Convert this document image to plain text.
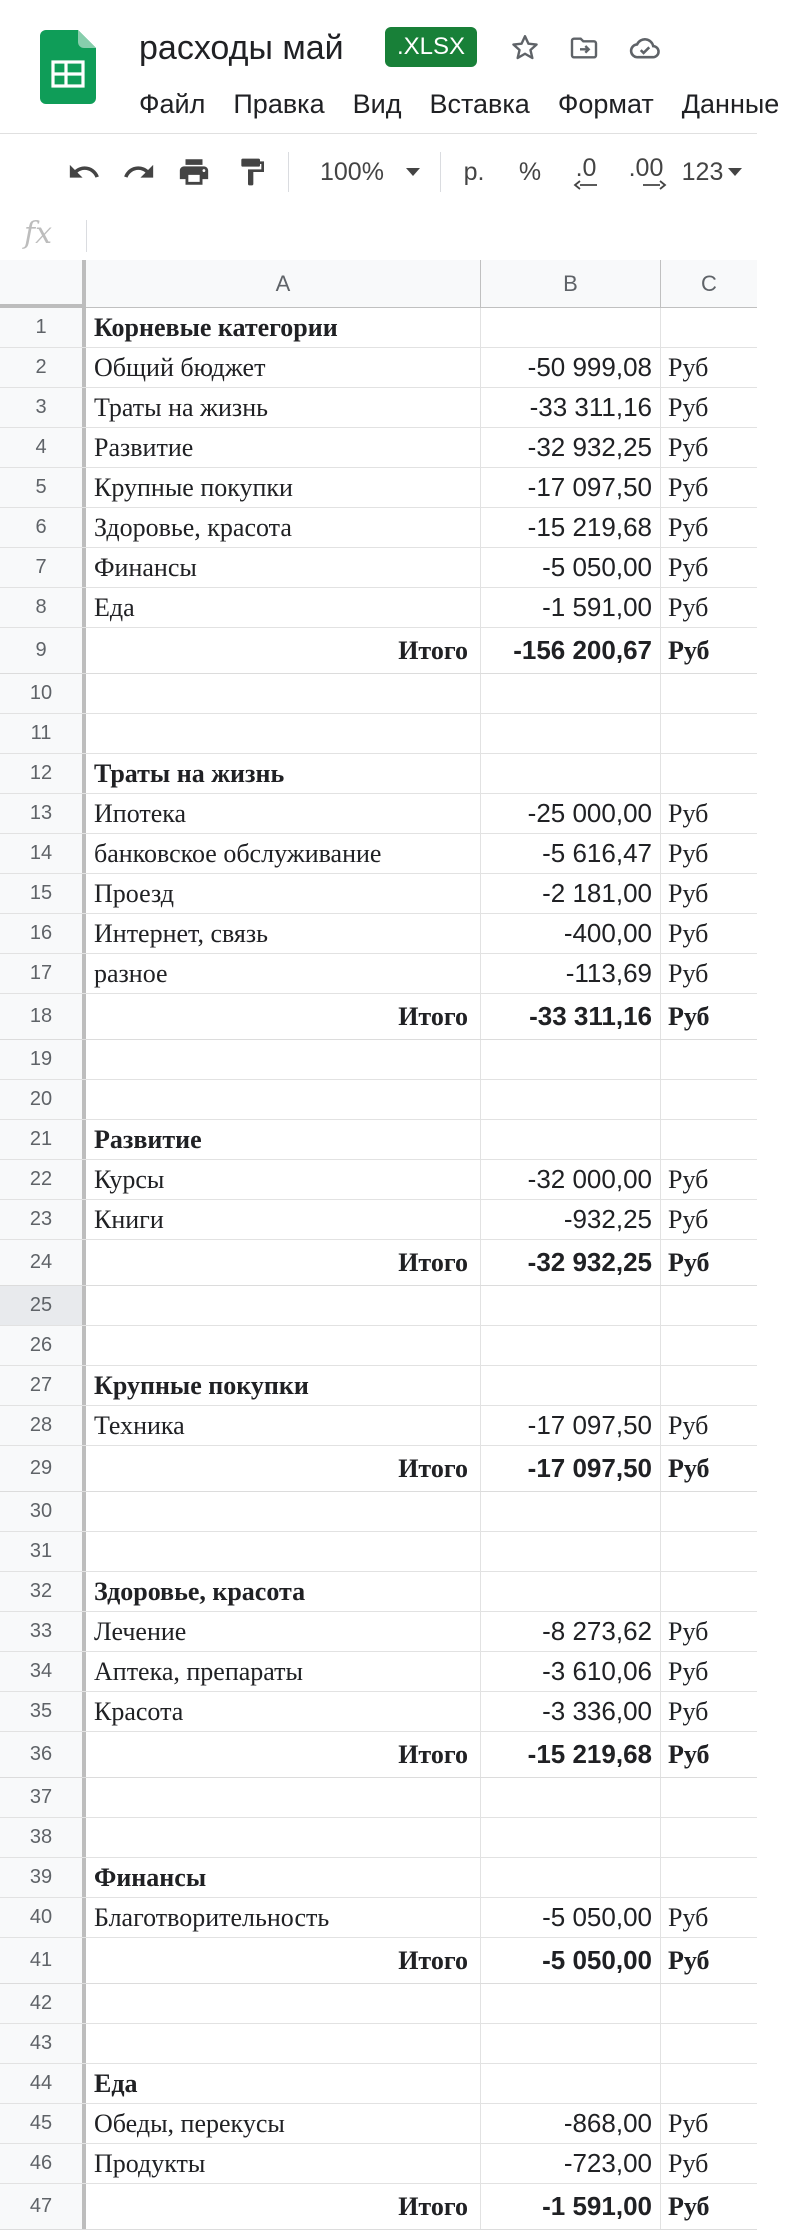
расходы май	.XLSX
Файл Правка Вид Вставка Формат Данные
100%	р. % .0 .00 123
fx
A	B	C
1	Корневые категории
2	Общий бюджет	-50 999,08 Руб
3	Траты на жизнь	-33 311,16 Руб
4	Развитие	-32 932,25 Руб
5	Крупные покупки	-17 097,50 Руб
6	Здоровье, красота	-15 219,68 Руб
7	Финансы	-5 050,00 Руб
8	Еда	-1 591,00 Руб
9	Итого	-156 200,67 Руб
10
11
12	Траты на жизнь
13	Ипотека	-25 000,00 Руб
14	банковское обслуживание	-5 616,47 Руб
15	Проезд	-2 181,00 Руб
16	Интернет, связь	-400,00 Руб
17	разное	-113,69 Руб
18	Итого	-33 311,16 Руб
19
20
21	Развитие
22	Курсы	-32 000,00 Руб
23	Книги	-932,25 Руб
24	Итого	-32 932,25 Руб
25
26
27	Крупные покупки
28	Техника	-17 097,50 Руб
29	Итого	-17 097,50 Руб
30
31
32	Здоровье, красота
33	Лечение	-8 273,62 Руб
34	Аптека, препараты	-3 610,06 Руб
35	Красота	-3 336,00 Руб
36	Итого	-15 219,68 Руб
37
38
39	Финансы
40	Благотворительность	-5 050,00 Руб
41	Итого	-5 050,00 Руб
42
43
44	Еда
45	Обеды, перекусы	-868,00 Руб
46	Продукты	-723,00 Руб
47	Итого	-1 591,00 Руб
